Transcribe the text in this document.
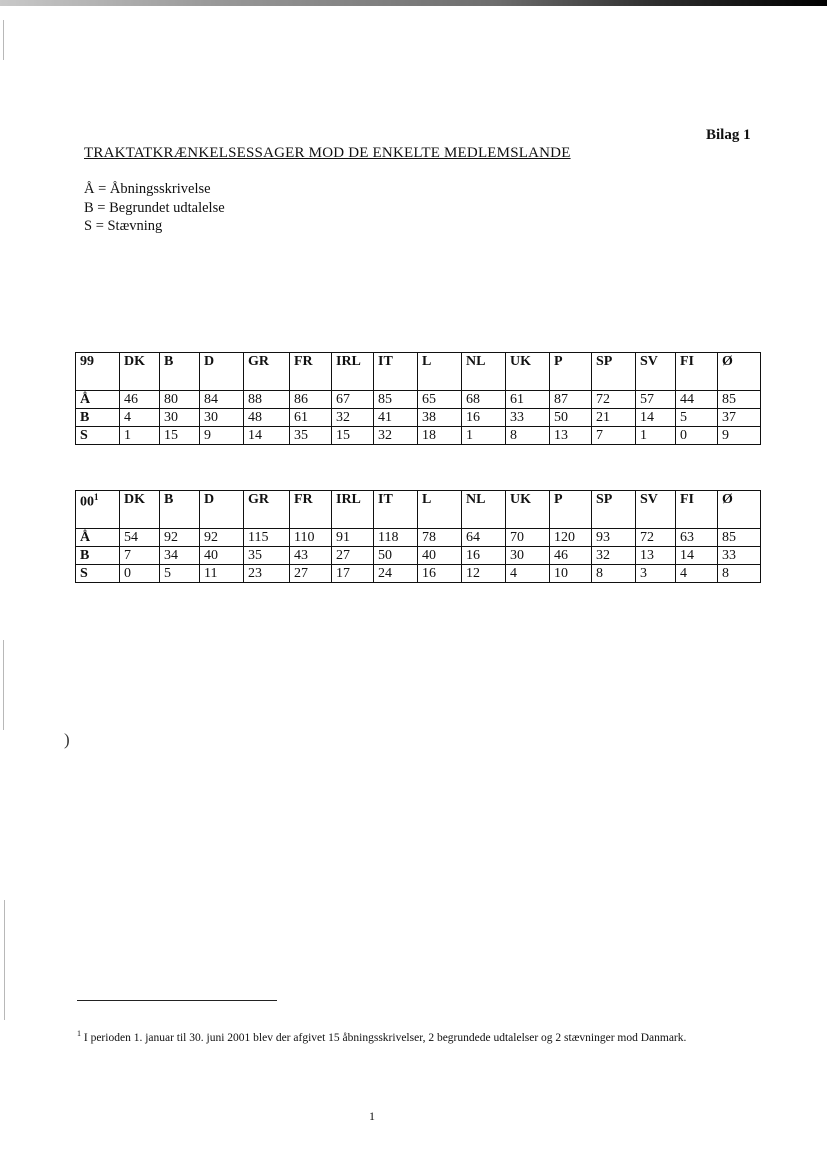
Bilag 1
TRAKTATKRÆNKELSESSAGER MOD DE ENKELTE MEDLEMSLANDE
Å = Åbningsskrivelse
B = Begrundet udtalelse
S = Stævning
99	DK	B	D	GR	FR	IRL	IT	L	NL	UK	P	SP	SV	FI	Ø
Å	46	80	84	88	86	67	85	65	68	61	87	72	57	44	85
B	4	30	30	48	61	32	41	38	16	33	50	21	14	5	37
S	1	15	9	14	35	15	32	18	1	8	13	7	1	0	9
$00^1$	DK	B	D	GR	FR	IRL	IT	L	NL	UK	P	SP	SV	FI	Ø
Å	54	92	92	115	110	91	118	78	64	70	120	93	72	63	85
B	7	34	40	35	43	27	50	40	16	30	46	32	13	14	33
S	0	5	11	23	27	17	24	16	12	4	10	8	3	4	8
)
$^1$ I perioden 1. januar til 30. juni 2001 blev der afgivet 15 åbningsskrivelser, 2 begrundede udtalelser og 2 stævninger mod Danmark.
1
